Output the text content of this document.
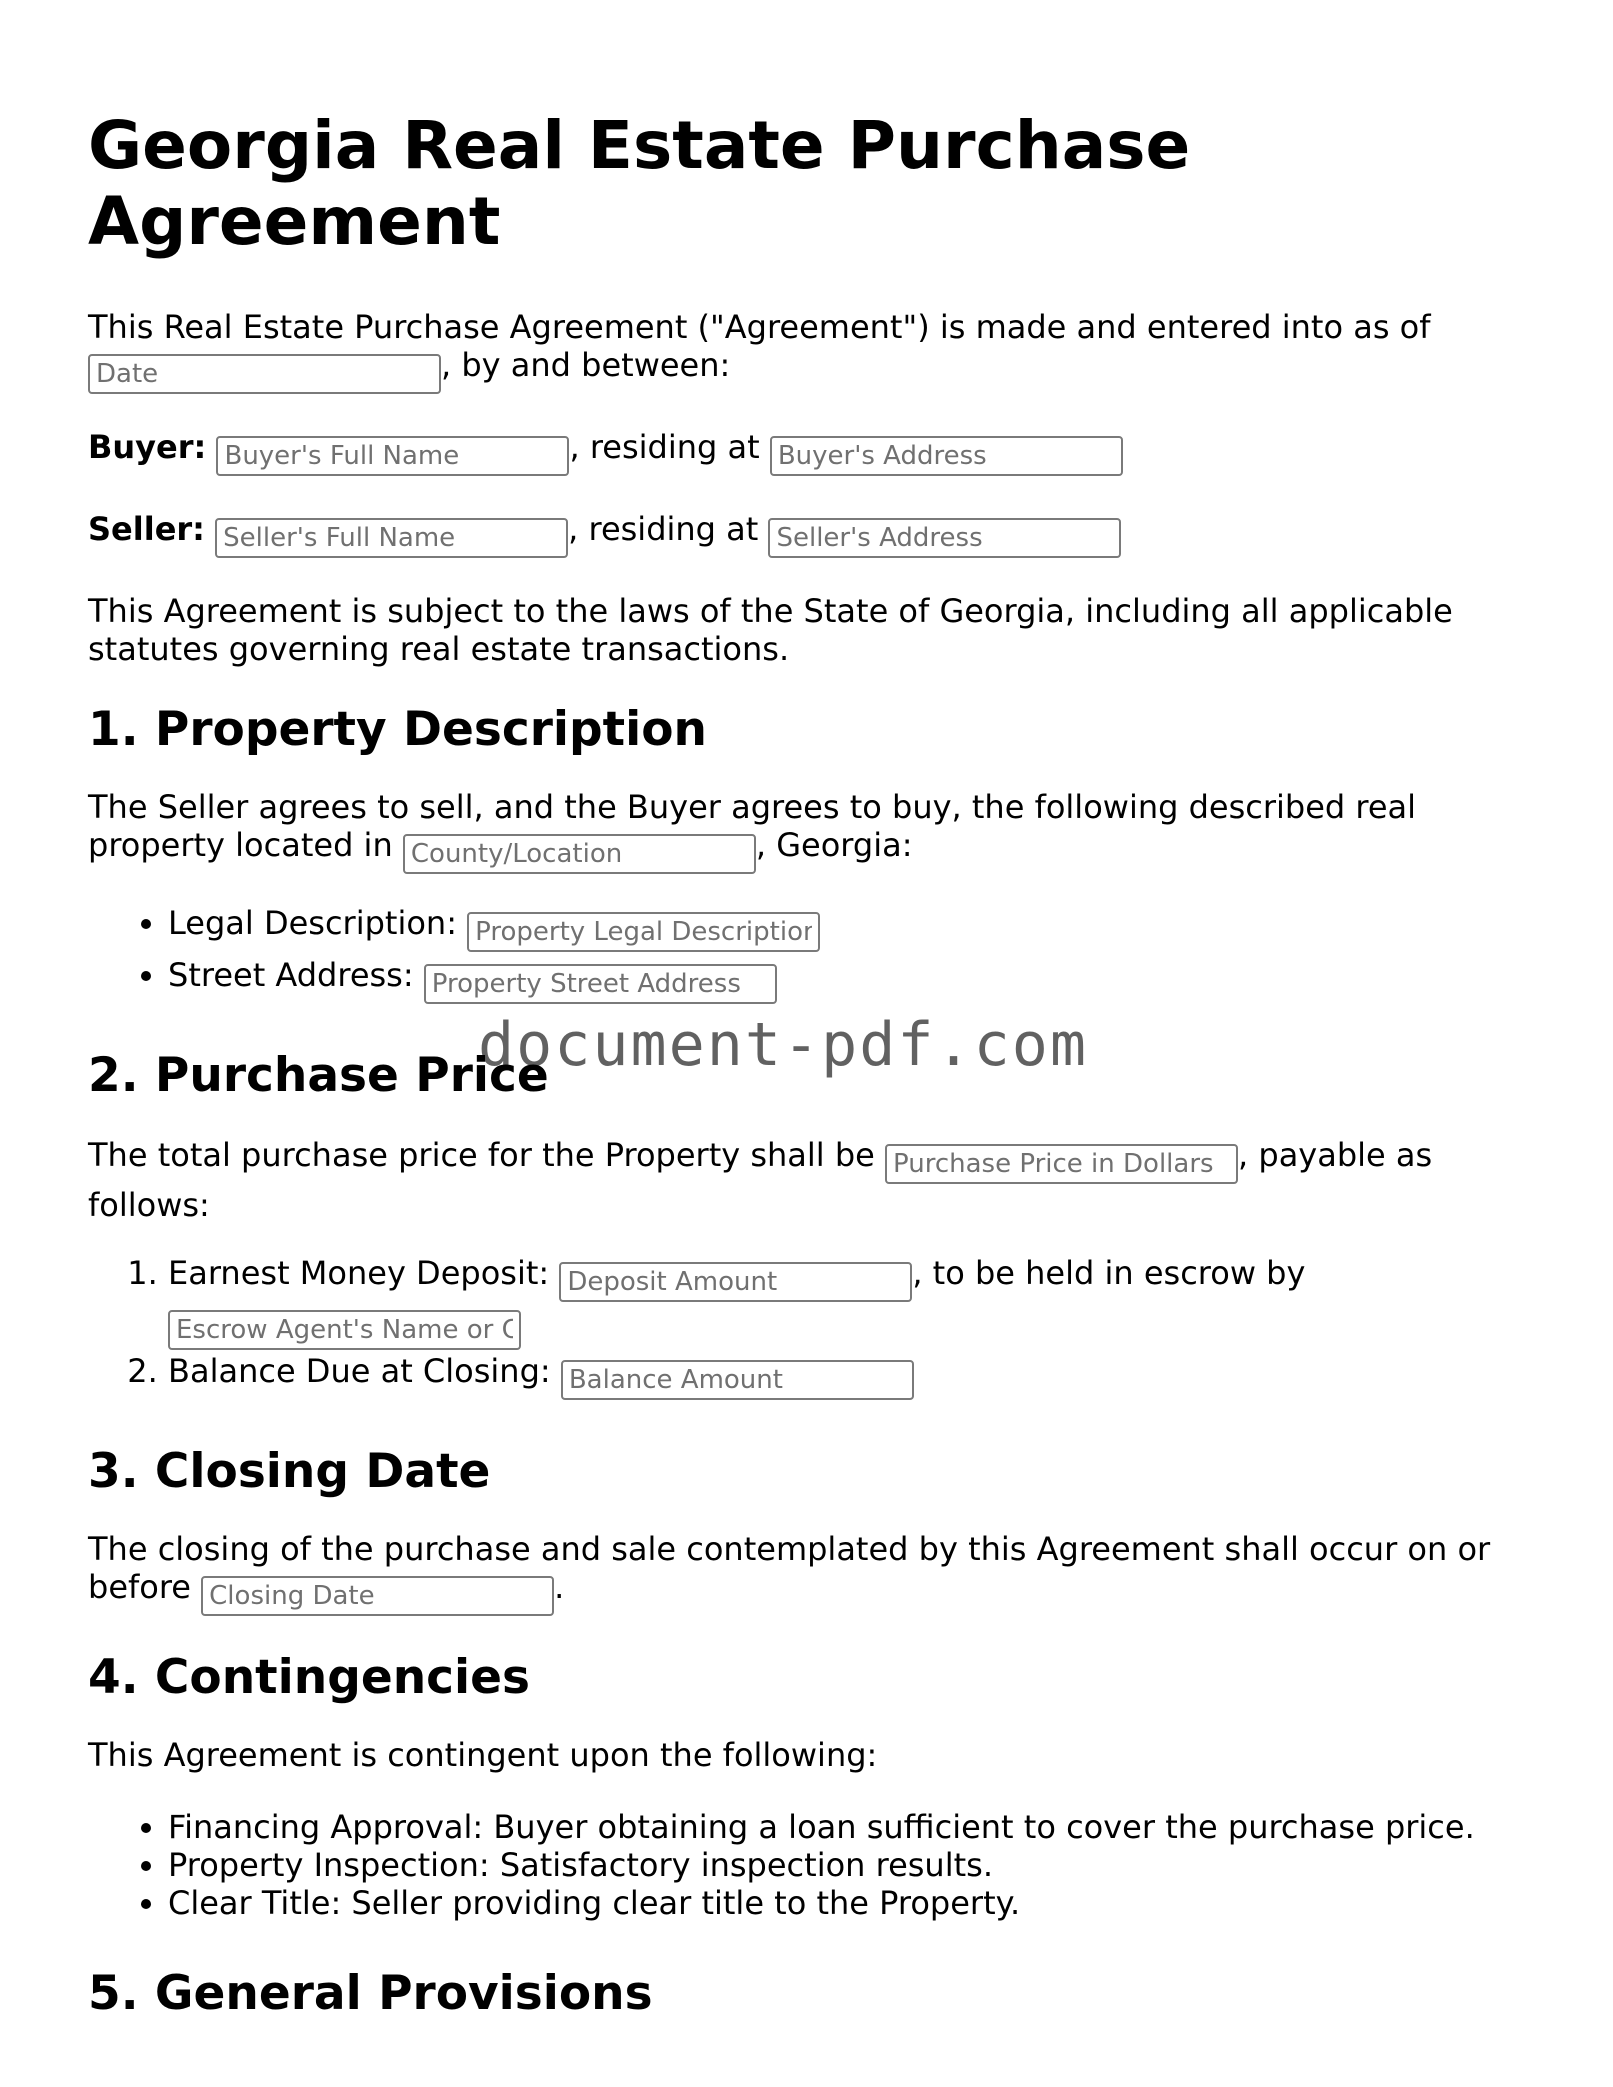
Georgia Real Estate Purchase Agreement

This Real Estate Purchase Agreement ("Agreement") is made and entered into as of Date, by and between:

Buyer: Buyer's Full Name	, residing at Buyer's Address

Seller: Seller's Full Name	, residing at Seller's Address

This Agreement is subject to the laws of the State of Georgia, including all applicable statutes governing real estate transactions.

1. Property Description

The Seller agrees to sell, and the Buyer agrees to buy, the following described real property located in County/Location	, Georgia:

• Legal Description: Property Legal Description
• Street Address: Property Street Address
2. Purchase Price

The total purchase price for the Property shall be Purchase Price in Dollars	, payable as follows:

1. Earnest Money Deposit: Deposit Amount	, to be held in escrow by Escrow Agent's Name or Company
2. Balance Due at Closing: Balance Amount
3. Closing Date

The closing of the purchase and sale contemplated by this Agreement shall occur on or before Closing Date	.

4. Contingencies

This Agreement is contingent upon the following:

• Financing Approval: Buyer obtaining a loan sufficient to cover the purchase price.
• Property Inspection: Satisfactory inspection results.
• Clear Title: Seller providing clear title to the Property.
5. General Provisions
document-pdf.com
